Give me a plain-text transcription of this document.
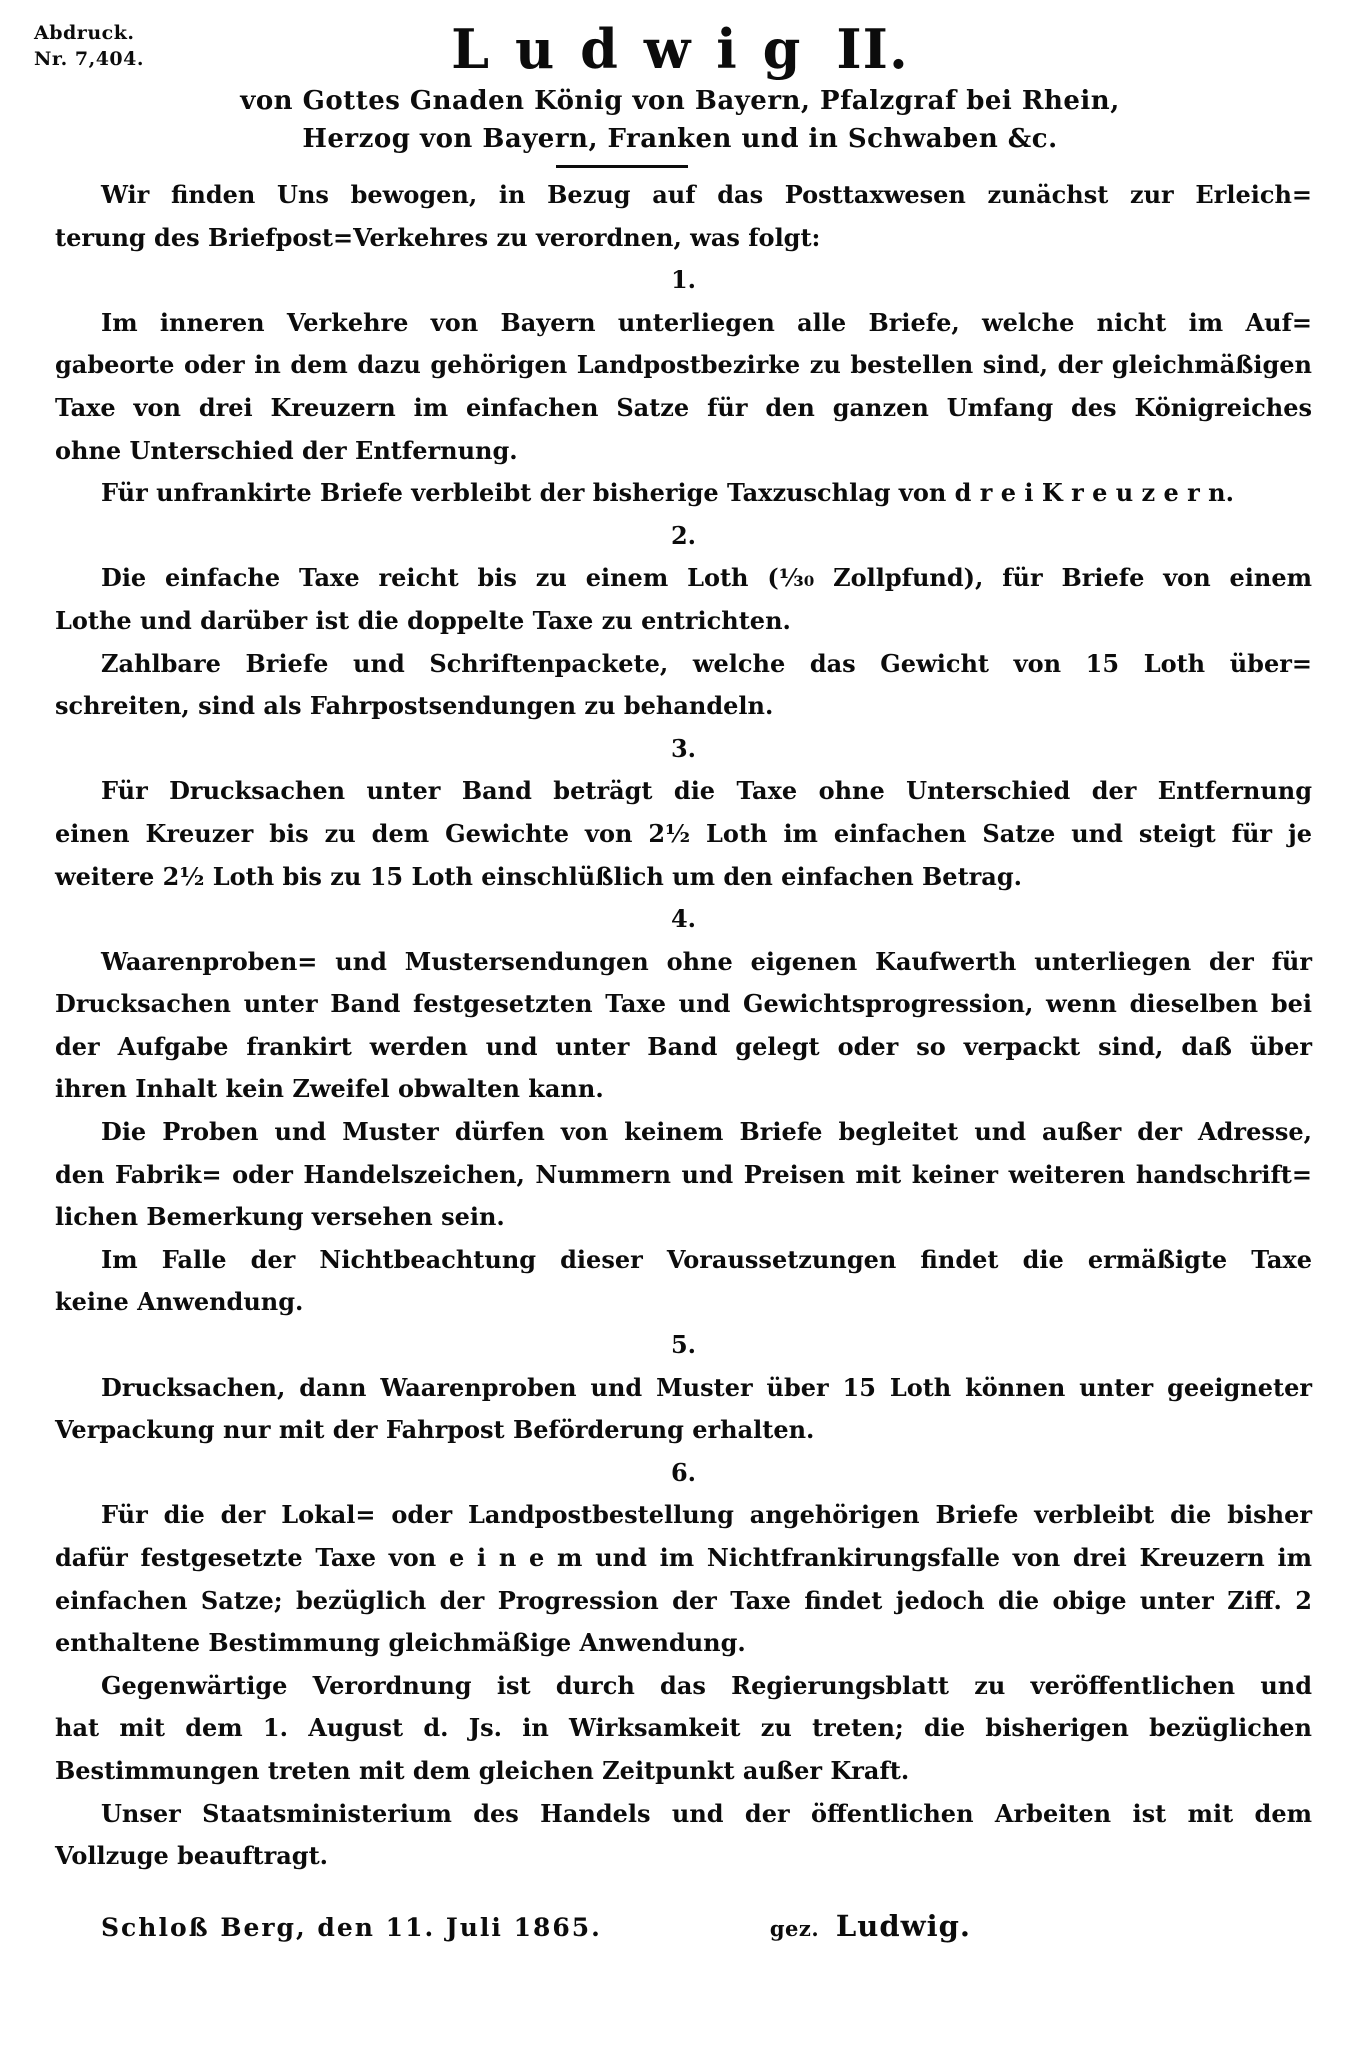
Abdruck.
Nr. 7,404.	Ludwig II.
von Gottes Gnaden König von Bayern, Pfalzgraf bei Rhein,
Herzog von Bayern, Franken und in Schwaben &c.
Wir finden Uns bewogen, in Bezug auf das Posttaxwesen zunächst zur Erleich=
terung des Briefpost=Verkehres zu verordnen, was folgt:
1.
Im inneren Verkehre von Bayern unterliegen alle Briefe, welche nicht im Auf=
gabeorte oder in dem dazu gehörigen Landpostbezirke zu bestellen sind, der gleichmäßigen
Taxe von drei Kreuzern im einfachen Satze für den ganzen Umfang des Königreiches
ohne Unterschied der Entfernung.
Für unfrankirte Briefe verbleibt der bisherige Taxzuschlag von d r e i K r e u z e r n.
2.
Die einfache Taxe reicht bis zu einem Loth (¹⁄₃₀ Zollpfund), für Briefe von einem
Lothe und darüber ist die doppelte Taxe zu entrichten.
Zahlbare Briefe und Schriftenpackete, welche das Gewicht von 15 Loth über=
schreiten, sind als Fahrpostsendungen zu behandeln.
3.
Für Drucksachen unter Band beträgt die Taxe ohne Unterschied der Entfernung
einen Kreuzer bis zu dem Gewichte von 2½ Loth im einfachen Satze und steigt für je
weitere 2½ Loth bis zu 15 Loth einschlüßlich um den einfachen Betrag.
4.
Waarenproben= und Mustersendungen ohne eigenen Kaufwerth unterliegen der für
Drucksachen unter Band festgesetzten Taxe und Gewichtsprogression, wenn dieselben bei
der Aufgabe frankirt werden und unter Band gelegt oder so verpackt sind, daß über
ihren Inhalt kein Zweifel obwalten kann.
Die Proben und Muster dürfen von keinem Briefe begleitet und außer der Adresse,
den Fabrik= oder Handelszeichen, Nummern und Preisen mit keiner weiteren handschrift=
lichen Bemerkung versehen sein.
Im Falle der Nichtbeachtung dieser Voraussetzungen findet die ermäßigte Taxe
keine Anwendung.
5.
Drucksachen, dann Waarenproben und Muster über 15 Loth können unter geeigneter
Verpackung nur mit der Fahrpost Beförderung erhalten.
6.
Für die der Lokal= oder Landpostbestellung angehörigen Briefe verbleibt die bisher
dafür festgesetzte Taxe von e i n e m und im Nichtfrankirungsfalle von drei Kreuzern im
einfachen Satze; bezüglich der Progression der Taxe findet jedoch die obige unter Ziff. 2
enthaltene Bestimmung gleichmäßige Anwendung.
Gegenwärtige Verordnung ist durch das Regierungsblatt zu veröffentlichen und
hat mit dem 1. August d. Js. in Wirksamkeit zu treten; die bisherigen bezüglichen
Bestimmungen treten mit dem gleichen Zeitpunkt außer Kraft.
Unser Staatsministerium des Handels und der öffentlichen Arbeiten ist mit dem
Vollzuge beauftragt.
Schloß Berg, den 11. Juli 1865.	gez. Ludwig.
